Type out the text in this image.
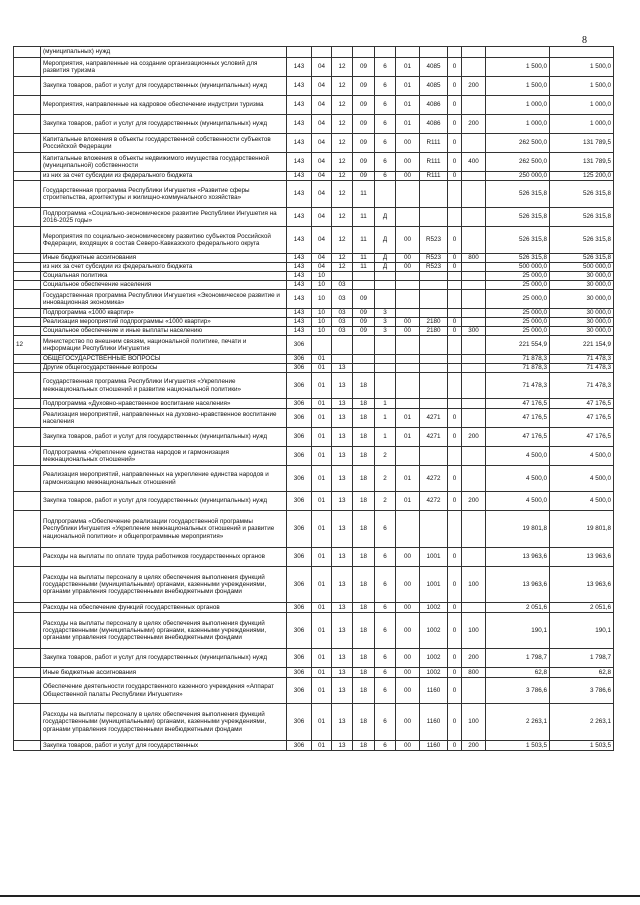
8
	(муниципальных) нужд											
	Мероприятия, направленные на создание организационных условий для развития туризма	143	04	12	09	6	01	4085	0		1 500,0	1 500,0
	Закупка товаров, работ и услуг для государственных (муниципальных) нужд	143	04	12	09	6	01	4085	0	200	1 500,0	1 500,0
	Мероприятия, направленные на кадровое обеспечение индустрии туризма	143	04	12	09	6	01	4086	0		1 000,0	1 000,0
	Закупка товаров, работ и услуг для государственных (муниципальных) нужд	143	04	12	09	6	01	4086	0	200	1 000,0	1 000,0
	Капитальные вложения в объекты государственной собственности субъектов Российской Федерации	143	04	12	09	6	00	R111	0		262 500,0	131 789,5
	Капитальные вложения в объекты недвижимого имущества государственной (муниципальной) собственности	143	04	12	09	6	00	R111	0	400	262 500,0	131 789,5
	из них за счет субсидии из федерального бюджета	143	04	12	09	6	00	R111	0		250 000,0	125 200,0
	Государственная программа Республики Ингушетия «Развитие сферы строительства, архитектуры и жилищно-коммунального хозяйства»	143	04	12	11						526 315,8	526 315,8
	Подпрограмма «Социально-экономическое развитие Республики Ингушетия на 2016-2025 годы»	143	04	12	11	Д					526 315,8	526 315,8
	Мероприятия по социально-экономическому развитию субъектов Российской Федерации, входящих в состав Северо-Кавказского федерального округа	143	04	12	11	Д	00	R523	0		526 315,8	526 315,8
	Иные бюджетные ассигнования	143	04	12	11	Д	00	R523	0	800	526 315,8	526 315,8
	из них за счет субсидии из федерального бюджета	143	04	12	11	Д	00	R523	0		500 000,0	500 000,0
	Социальная политика	143	10								25 000,0	30 000,0
	Социальное обеспечение населения	143	10	03							25 000,0	30 000,0
	Государственная программа Республики Ингушетия «Экономическое развитие и инновационная экономика»	143	10	03	09						25 000,0	30 000,0
	Подпрограмма «1000 квартир»	143	10	03	09	3					25 000,0	30 000,0
	Реализация мероприятий подпрограммы «1000 квартир»	143	10	03	09	3	00	2180	0		25 000,0	30 000,0
	Социальное обеспечение и иные выплаты населению	143	10	03	09	3	00	2180	0	300	25 000,0	30 000,0
12	Министерство по внешним связям, национальной политике, печати и информации Республики Ингушетия	306									221 554,9	221 154,9
	ОБЩЕГОСУДАРСТВЕННЫЕ ВОПРОСЫ	306	01								71 878,3	71 478,3
	Другие общегосударственные вопросы	306	01	13							71 878,3	71 478,3
	Государственная программа Республики Ингушетия «Укрепление межнациональных отношений и развитие национальной политики»	306	01	13	18						71 478,3	71 478,3
	Подпрограмма «Духовно-нравственное воспитание населения»	306	01	13	18	1					47 176,5	47 176,5
	Реализация мероприятий, направленных на духовно-нравственное воспитание населения	306	01	13	18	1	01	4271	0		47 176,5	47 176,5
	Закупка товаров, работ и услуг для государственных (муниципальных) нужд	306	01	13	18	1	01	4271	0	200	47 176,5	47 176,5
	Подпрограмма «Укрепление единства народов и гармонизация межнациональных отношений»	306	01	13	18	2					4 500,0	4 500,0
	Реализация мероприятий, направленных на укрепление единства народов и гармонизацию межнациональных отношений	306	01	13	18	2	01	4272	0		4 500,0	4 500,0
	Закупка товаров, работ и услуг для государственных (муниципальных) нужд	306	01	13	18	2	01	4272	0	200	4 500,0	4 500,0
	Подпрограмма «Обеспечение реализации государственной программы Республики Ингушетия «Укрепление межнациональных отношений и развитие национальной политики» и общепрограммные мероприятия»	306	01	13	18	6					19 801,8	19 801,8
	Расходы на выплаты по оплате труда работников государственных органов	306	01	13	18	6	00	1001	0		13 963,6	13 963,6
	Расходы на выплаты персоналу в целях обеспечения выполнения функций государственными (муниципальными) органами, казенными учреждениями, органами управления государственными внебюджетными фондами	306	01	13	18	6	00	1001	0	100	13 963,6	13 963,6
	Расходы на обеспечение функций государственных органов	306	01	13	18	6	00	1002	0		2 051,6	2 051,6
	Расходы на выплаты персоналу в целях обеспечения выполнения функций государственными (муниципальными) органами, казенными учреждениями, органами управления государственными внебюджетными фондами	306	01	13	18	6	00	1002	0	100	190,1	190,1
	Закупка товаров, работ и услуг для государственных (муниципальных) нужд	306	01	13	18	6	00	1002	0	200	1 798,7	1 798,7
	Иные бюджетные ассигнования	306	01	13	18	6	00	1002	0	800	62,8	62,8
	Обеспечение деятельности государственного казенного учреждения «Аппарат Общественной палаты Республики Ингушетия»	306	01	13	18	6	00	1160	0		3 786,6	3 786,6
	Расходы на выплаты персоналу в целях обеспечения выполнения функций государственными (муниципальными) органами, казенными учреждениями, органами управления государственными внебюджетными фондами	306	01	13	18	6	00	1160	0	100	2 263,1	2 263,1
	Закупка товаров, работ и услуг для государственных	306	01	13	18	6	00	1160	0	200	1 503,5	1 503,5
